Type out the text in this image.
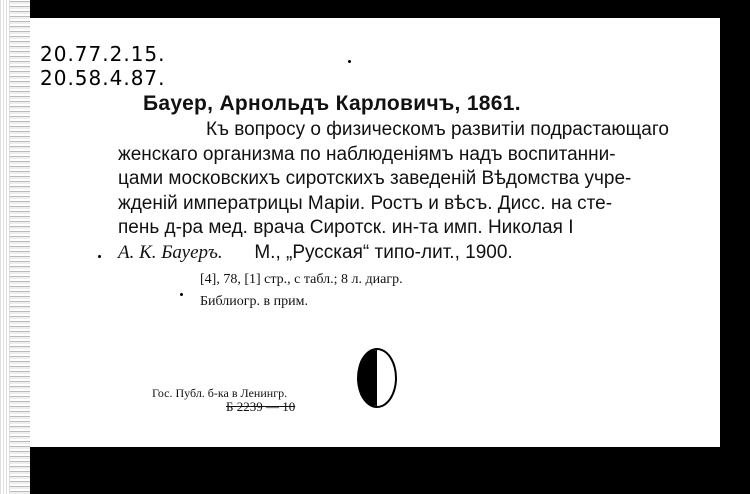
20.77.2.15.
20.58.4.87.
Бауер, Арнольдъ Карловичъ, 1861.
Къ вопросу о физическомъ развитіи подрастающаго
женскаго организма по наблюденіямъ надъ воспитанни-
цами московскихъ сиротскихъ заведеній Вѣдомства учре-
жденій императрицы Маріи. Ростъ и вѣсъ. Дисс. на сте-
пень д-ра мед. врача Сиротск. ин-та имп. Николая I
А. К. Бауеръ. М., „Русская“ типо-лит., 1900.
[4], 78, [1] стр., с табл.; 8 л. диагр.
Библиогр. в прим.
Гос. Публ. б-ка в Ленингр.
Б 2239 — 10
